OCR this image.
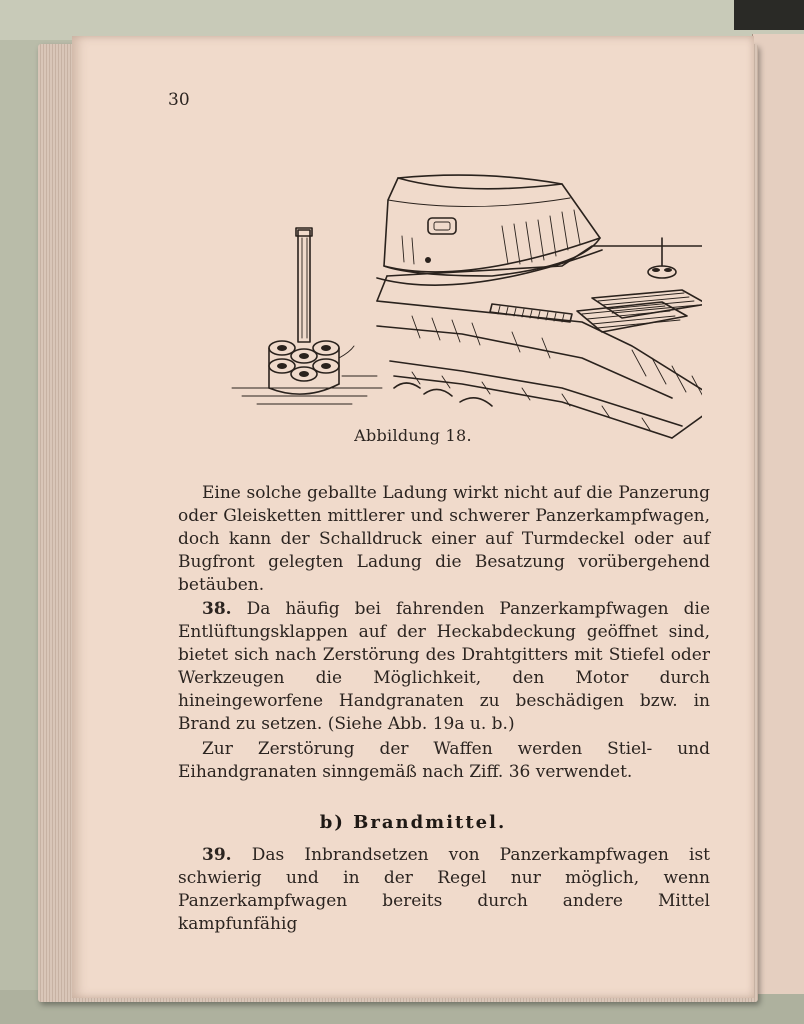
30
Abbildung 18.
Eine solche geballte Ladung wirkt nicht auf die Panzerung oder Gleisketten mittlerer und schwerer Panzerkampfwagen, doch kann der Schalldruck einer auf Turmdeckel oder auf Bugfront gelegten Ladung die Besatzung vorübergehend betäuben.
38. Da häufig bei fahrenden Panzerkampfwagen die Entlüftungsklappen auf der Heckabdeckung geöffnet sind, bietet sich nach Zerstörung des Drahtgitters mit Stiefel oder Werkzeugen die Möglichkeit, den Motor durch hineingeworfene Handgranaten zu beschädigen bzw. in Brand zu setzen. (Siehe Abb. 19a u. b.)
Zur Zerstörung der Waffen werden Stiel- und Eihandgranaten sinngemäß nach Ziff. 36 verwendet.
b) Brandmittel.
39. Das Inbrandsetzen von Panzerkampfwagen ist schwierig und in der Regel nur möglich, wenn Panzerkampfwagen bereits durch andere Mittel kampfunfähig
